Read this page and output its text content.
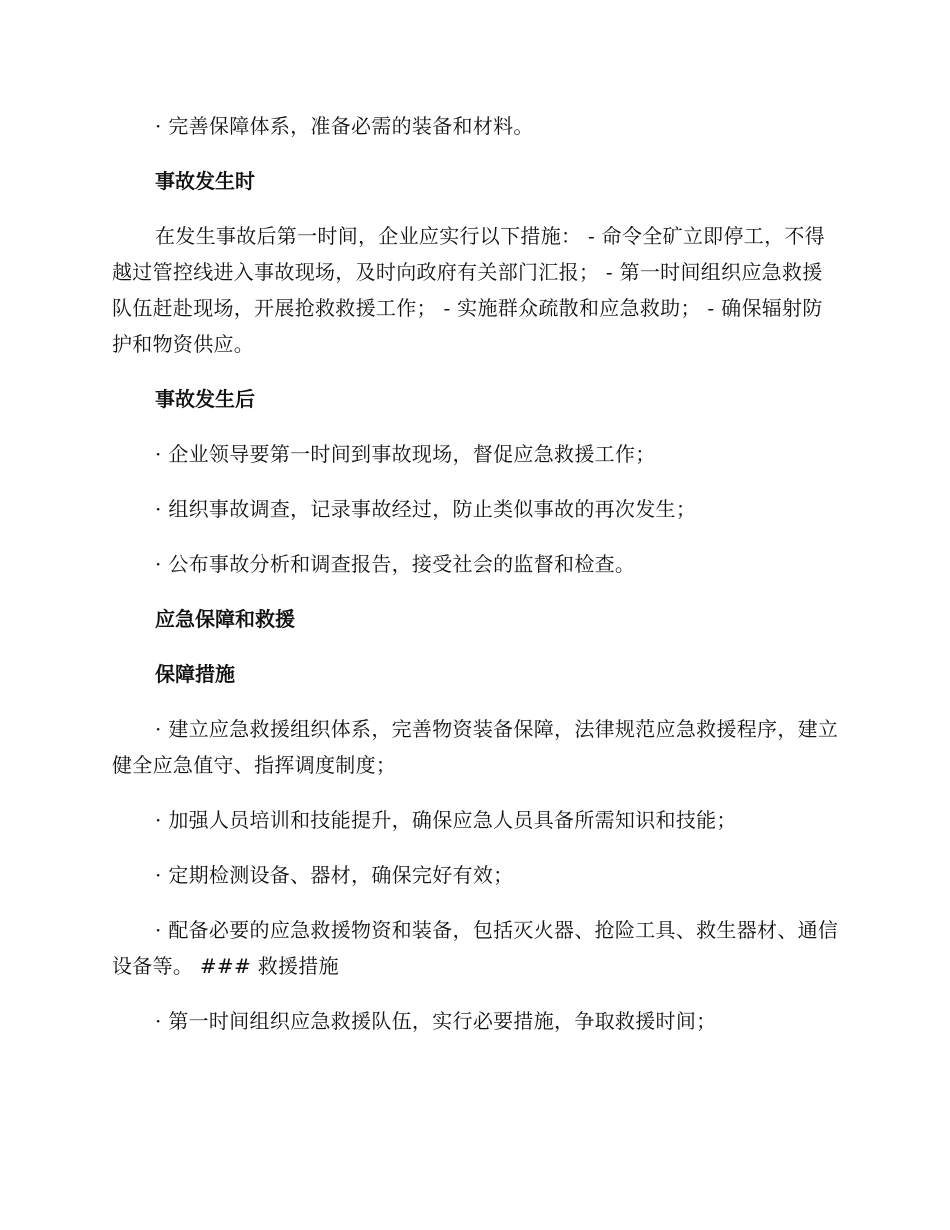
· 完善保障体系，准备必需的装备和材料。

事故发生时

在发生事故后第一时间，企业应实行以下措施： - 命令全矿立即停工，不得越过管控线进入事故现场，及时向政府有关部门汇报； - 第一时间组织应急救援队伍赶赴现场，开展抢救救援工作； - 实施群众疏散和应急救助； - 确保辐射防护和物资供应。

事故发生后

· 企业领导要第一时间到事故现场，督促应急救援工作；

· 组织事故调查，记录事故经过，防止类似事故的再次发生；

· 公布事故分析和调查报告，接受社会的监督和检查。

应急保障和救援
保障措施

· 建立应急救援组织体系，完善物资装备保障，法律规范应急救援程序，建立健全应急值守、指挥调度制度；

· 加强人员培训和技能提升，确保应急人员具备所需知识和技能；

· 定期检测设备、器材，确保完好有效；

· 配备必要的应急救援物资和装备，包括灭火器、抢险工具、救生器材、通信设备等。 ### 救援措施

· 第一时间组织应急救援队伍，实行必要措施，争取救援时间；
